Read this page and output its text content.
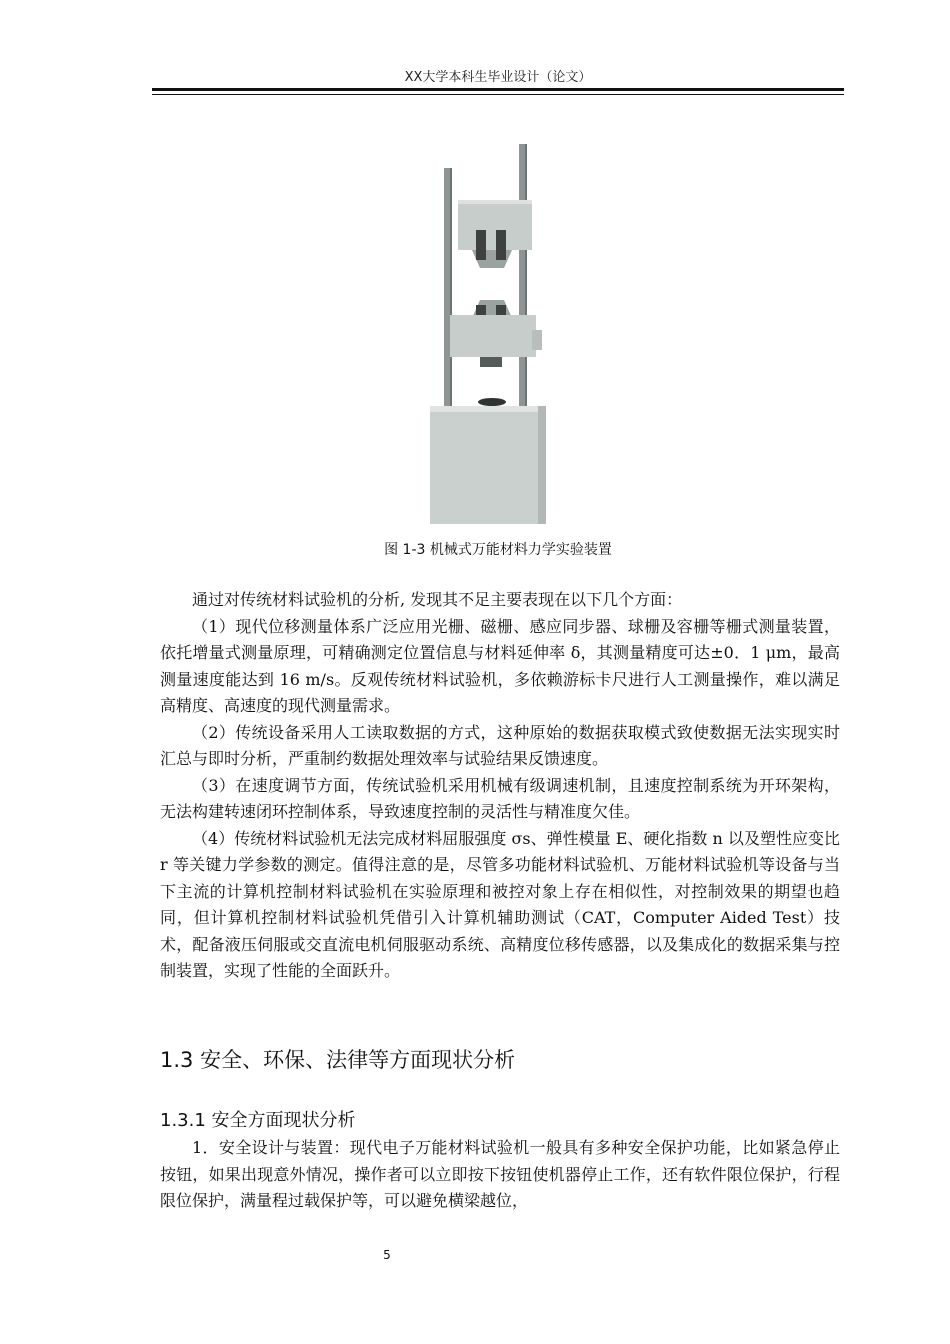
XX大学本科生毕业设计（论文）
图 1-3 机械式万能材料力学实验装置

通过对传统材料试验机的分析, 发现其不足主要表现在以下几个方面：

（1）现代位移测量体系广泛应用光栅、磁栅、感应同步器、球栅及容栅等栅式测量装置，依托增量式测量原理，可精确测定位置信息与材料延伸率 δ，其测量精度可达±0．1 μm，最高测量速度能达到 16 m/s。反观传统材料试验机，多依赖游标卡尺进行人工测量操作，难以满足高精度、高速度的现代测量需求。

（2）传统设备采用人工读取数据的方式，这种原始的数据获取模式致使数据无法实现实时汇总与即时分析，严重制约数据处理效率与试验结果反馈速度。

（3）在速度调节方面，传统试验机采用机械有级调速机制，且速度控制系统为开环架构，无法构建转速闭环控制体系，导致速度控制的灵活性与精准度欠佳。

（4）传统材料试验机无法完成材料屈服强度 σs、弹性模量 E、硬化指数 n 以及塑性应变比 r 等关键力学参数的测定。值得注意的是，尽管多功能材料试验机、万能材料试验机等设备与当下主流的计算机控制材料试验机在实验原理和被控对象上存在相似性，对控制效果的期望也趋同，但计算机控制材料试验机凭借引入计算机辅助测试（CAT，Computer Aided Test）技术，配备液压伺服或交直流电机伺服驱动系统、高精度位移传感器，以及集成化的数据采集与控制装置，实现了性能的全面跃升。

1.3 安全、环保、法律等方面现状分析
1.3.1 安全方面现状分析

1．安全设计与装置：现代电子万能材料试验机一般具有多种安全保护功能，比如紧急停止按钮，如果出现意外情况，操作者可以立即按下按钮使机器停止工作，还有软件限位保护，行程限位保护，满量程过载保护等，可以避免横梁越位，

5
